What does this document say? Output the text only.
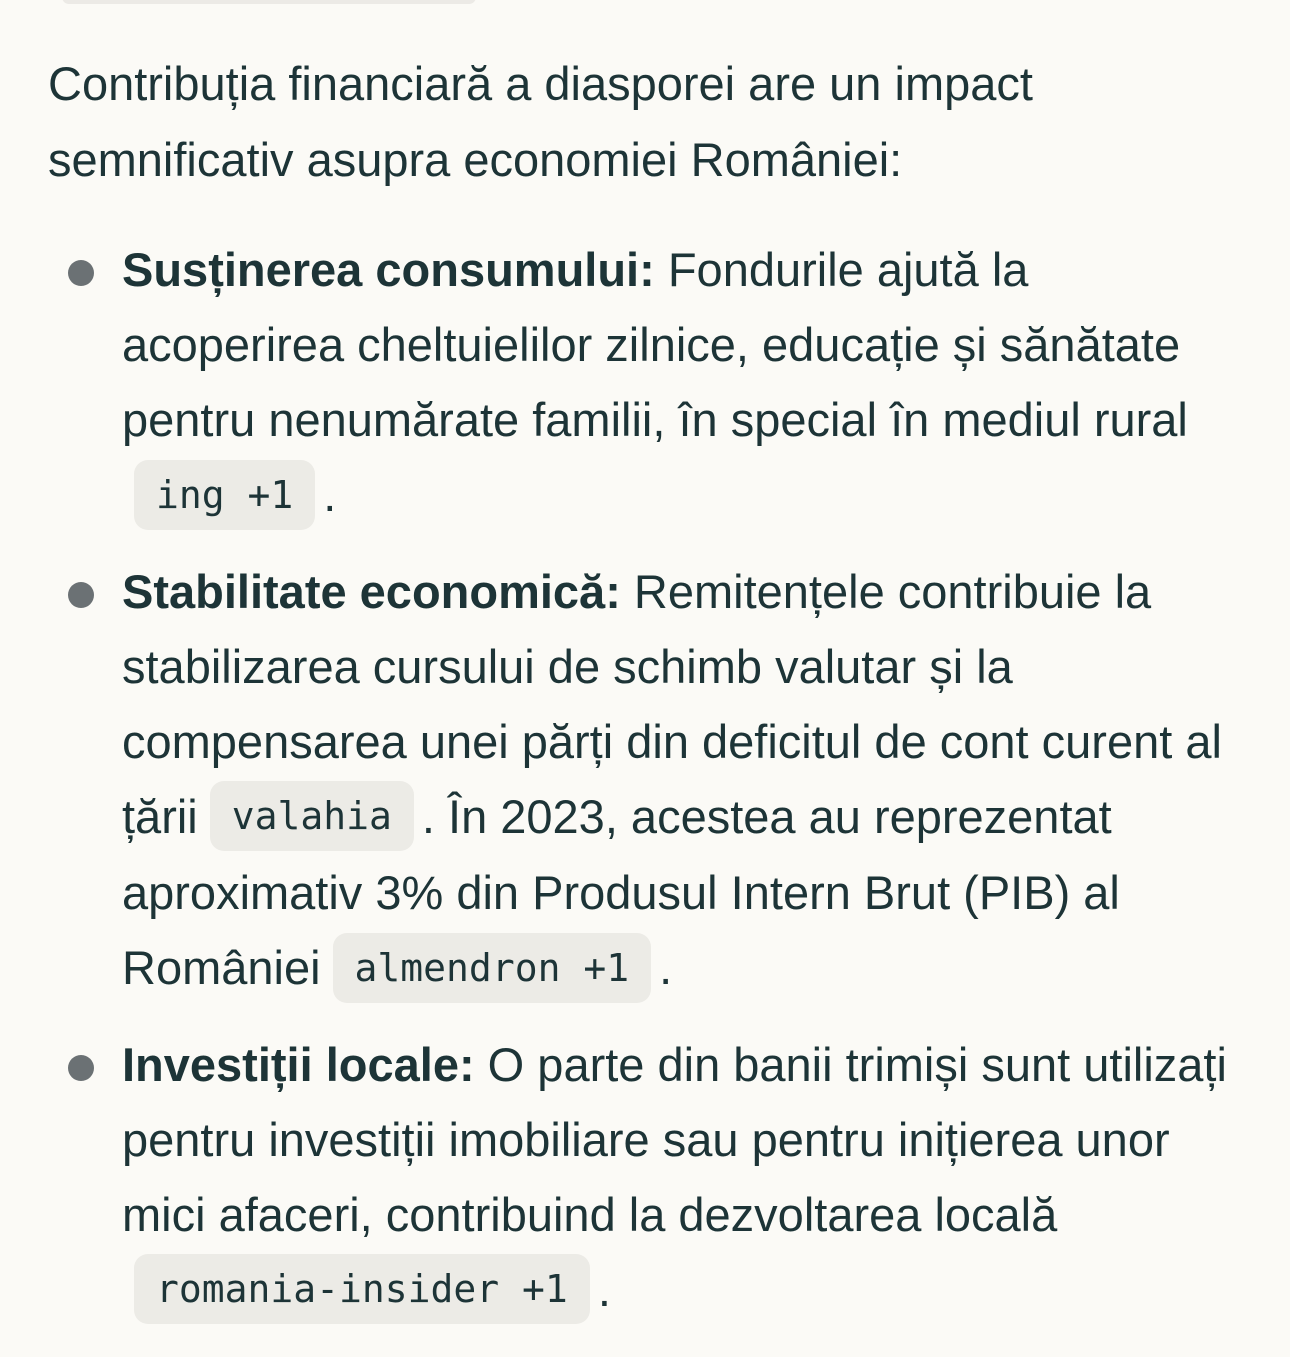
Contribuția financiară a diasporei are un impact semnificativ asupra economiei României:

Susținerea consumului: Fondurile ajută la acoperirea cheltuielilor zilnice, educație și sănătate pentru nenumărate familii, în special în mediul ruraling +1 .
Stabilitate economică: Remitențele contribuie la stabilizarea cursului de schimb valutar și la compensarea unei părți din deficitul de cont curent al țării valahia . În 2023, acestea au reprezentat aproximativ 3% din Produsul Intern Brut (PIB) al României almendron +1 .
Investiții locale: O parte din banii trimiși sunt utilizați pentru investiții imobiliare sau pentru inițierea unor mici afaceri, contribuind la dezvoltarea localăromania-insider +1 .
